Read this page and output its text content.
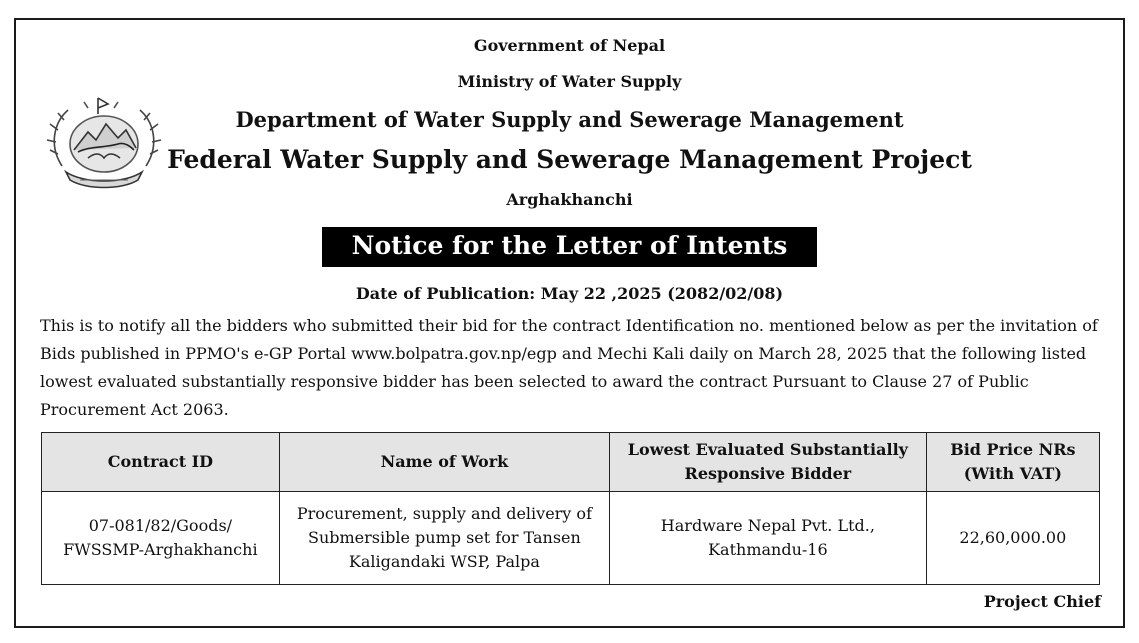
Government of Nepal
Ministry of Water Supply
Department of Water Supply and Sewerage Management
Federal Water Supply and Sewerage Management Project
Arghakhanchi
Notice for the Letter of Intents
Date of Publication: May 22 ,2025 (2082/02/08)
This is to notify all the bidders who submitted their bid for the contract Identification no. mentioned below as per the invitation of Bids published in PPMO's e-GP Portal www.bolpatra.gov.np/egp and Mechi Kali daily on March 28, 2025 that the following listed lowest evaluated substantially responsive bidder has been selected to award the contract Pursuant to Clause 27 of Public Procurement Act 2063.
Contract ID	Name of Work	Lowest Evaluated Substantially Responsive Bidder	Bid Price NRs (With VAT)
07-081/82/Goods/ FWSSMP-Arghakhanchi	Procurement, supply and delivery of Submersible pump set for Tansen Kaligandaki WSP, Palpa	Hardware Nepal Pvt. Ltd., Kathmandu-16	22,60,000.00
Project Chief
